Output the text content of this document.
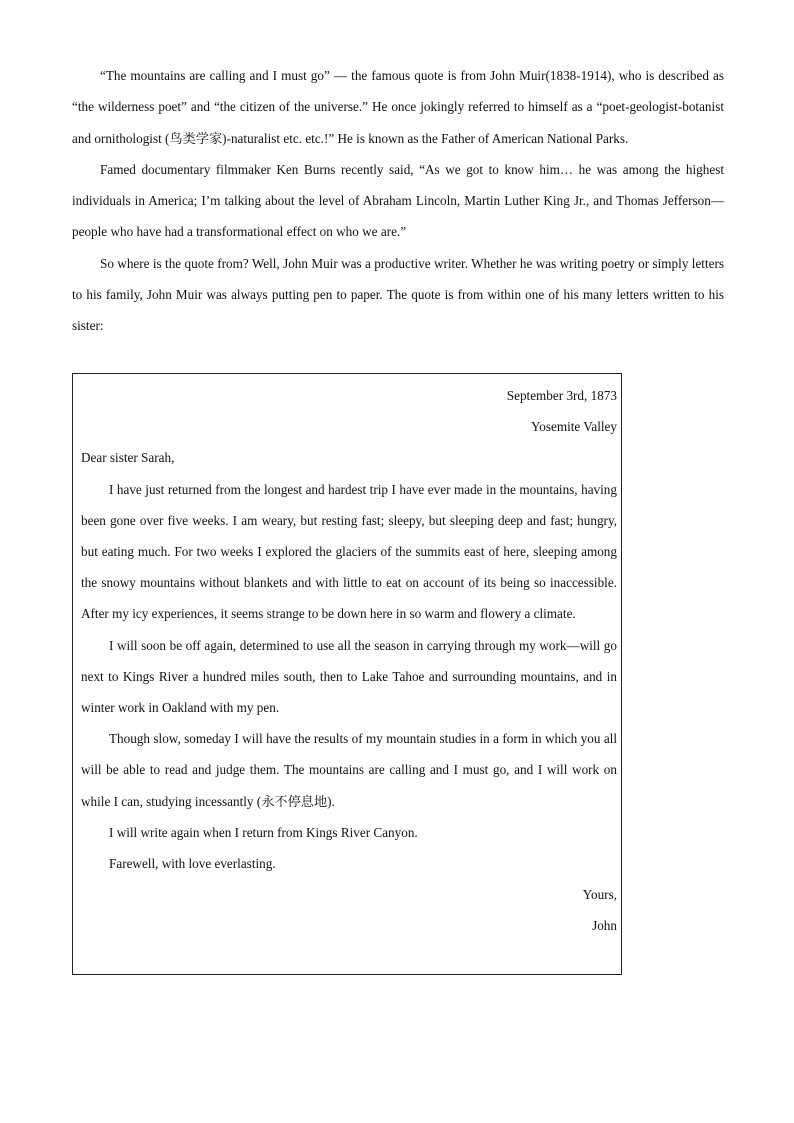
“The mountains are calling and I must go” — the famous quote is from John Muir(1838-1914), who is described as “the wilderness poet” and “the citizen of the universe.” He once jokingly referred to himself as a “poet-geologist-botanist and ornithologist (鸟类学家)-naturalist etc. etc.!” He is known as the Father of American National Parks.

Famed documentary filmmaker Ken Burns recently said, “As we got to know him… he was among the highest individuals in America; I’m talking about the level of Abraham Lincoln, Martin Luther King Jr., and Thomas Jefferson— people who have had a transformational effect on who we are.”

So where is the quote from? Well, John Muir was a productive writer. Whether he was writing poetry or simply letters to his family, John Muir was always putting pen to paper. The quote is from within one of his many letters written to his sister:

September 3rd, 1873

Yosemite Valley

Dear sister Sarah,

I have just returned from the longest and hardest trip I have ever made in the mountains, having been gone over five weeks. I am weary, but resting fast; sleepy, but sleeping deep and fast; hungry, but eating much. For two weeks I explored the glaciers of the summits east of here, sleeping among the snowy mountains without blankets and with little to eat on account of its being so inaccessible. After my icy experiences, it seems strange to be down here in so warm and flowery a climate.

I will soon be off again, determined to use all the season in carrying through my work—will go next to Kings River a hundred miles south, then to Lake Tahoe and surrounding mountains, and in winter work in Oakland with my pen.

Though slow, someday I will have the results of my mountain studies in a form in which you all will be able to read and judge them. The mountains are calling and I must go, and I will work on while I can, studying incessantly (永不停息地).

I will write again when I return from Kings River Canyon.

Farewell, with love everlasting.

Yours,

John
